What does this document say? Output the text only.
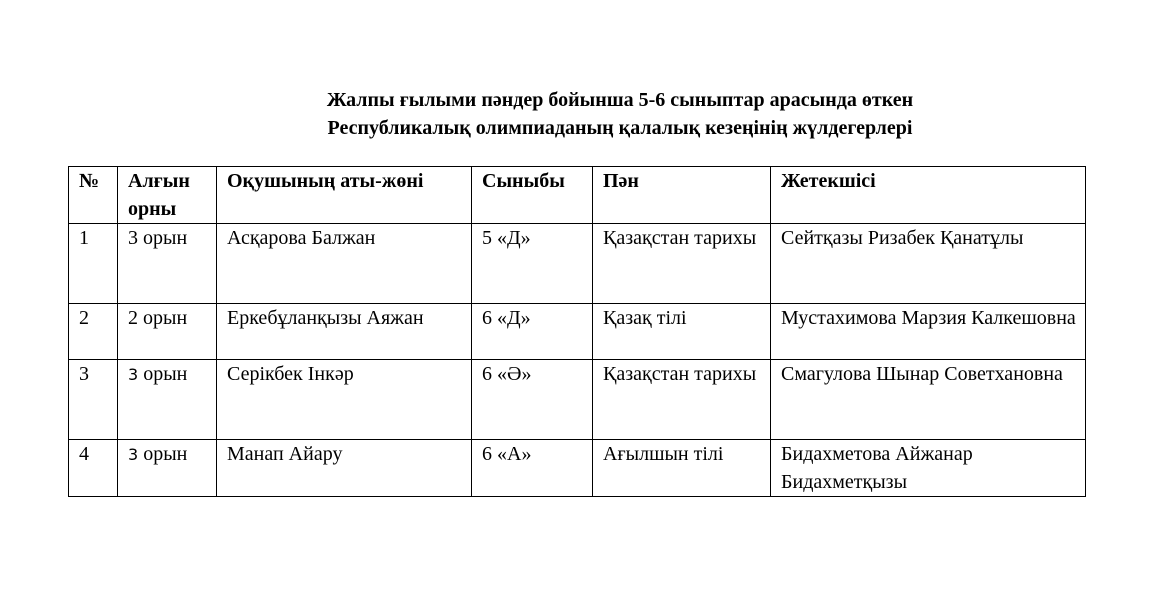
Жалпы ғылыми пәндер бойынша 5-6 сыныптар арасында өткен
Республикалық олимпиаданың қалалық кезеңінің жүлдегерлері
№	Алғын орны	Оқушының аты-жөні	Сыныбы	Пән	Жетекшісі
1	3 орын	Асқарова Балжан	5 «Д»	Қазақстан тарихы	Сейтқазы Ризабек Қанатұлы
2	2 орын	Еркебұланқызы Аяжан	6 «Д»	Қазақ тілі	Мустахимова Марзия Калкешовна
3	3 орын	Серікбек Інкәр	6 «Ә»	Қазақстан тарихы	Смагулова Шынар Советхановна
4	3 орын	Манап Айару	6 «А»	Ағылшын тілі	Бидахметова Айжанар Бидахметқызы
